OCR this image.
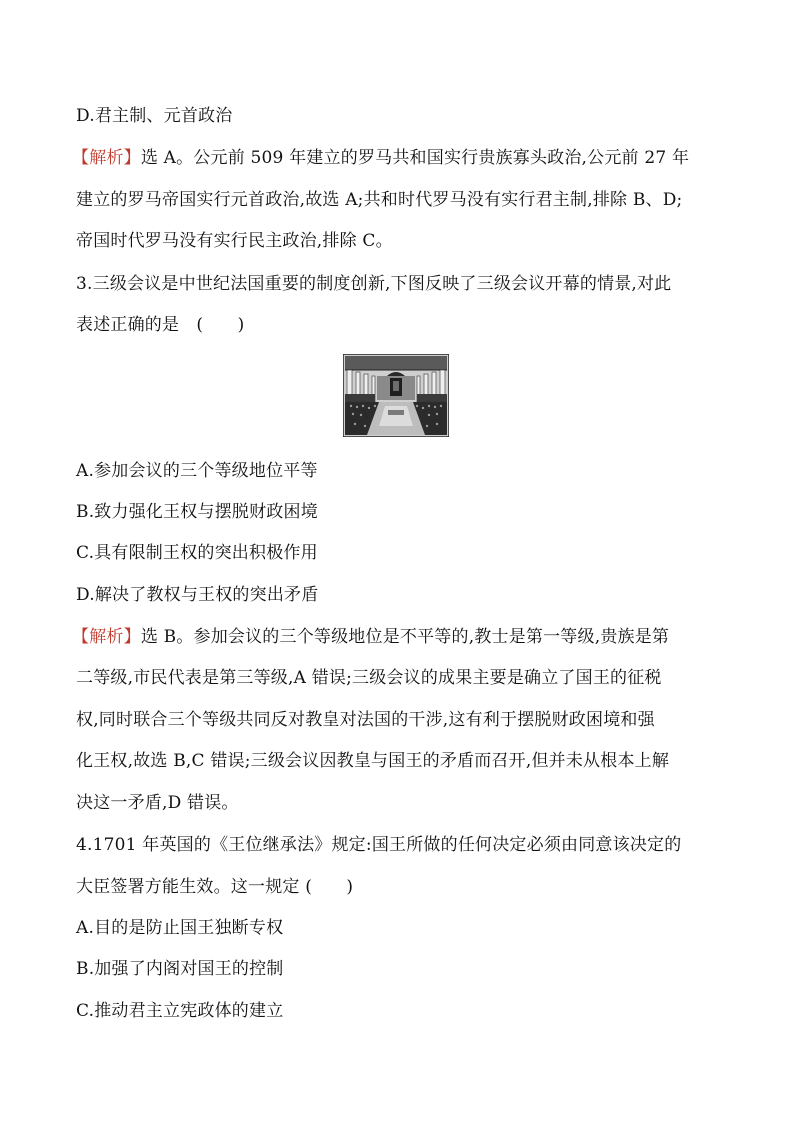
D.君主制、元首政治
【解析】选 A。公元前 509 年建立的罗马共和国实行贵族寡头政治,公元前 27 年
建立的罗马帝国实行元首政治,故选 A;共和时代罗马没有实行君主制,排除 B、D;
帝国时代罗马没有实行民主政治,排除 C。
3.三级会议是中世纪法国重要的制度创新,下图反映了三级会议开幕的情景,对此
表述正确的是　(　　)
A.参加会议的三个等级地位平等
B.致力强化王权与摆脱财政困境
C.具有限制王权的突出积极作用
D.解决了教权与王权的突出矛盾
【解析】选 B。参加会议的三个等级地位是不平等的,教士是第一等级,贵族是第
二等级,市民代表是第三等级,A 错误;三级会议的成果主要是确立了国王的征税
权,同时联合三个等级共同反对教皇对法国的干涉,这有利于摆脱财政困境和强
化王权,故选 B,C 错误;三级会议因教皇与国王的矛盾而召开,但并未从根本上解
决这一矛盾,D 错误。
4.1701 年英国的《王位继承法》规定:国王所做的任何决定必须由同意该决定的
大臣签署方能生效。这一规定 (　　)
A.目的是防止国王独断专权
B.加强了内阁对国王的控制
C.推动君主立宪政体的建立
